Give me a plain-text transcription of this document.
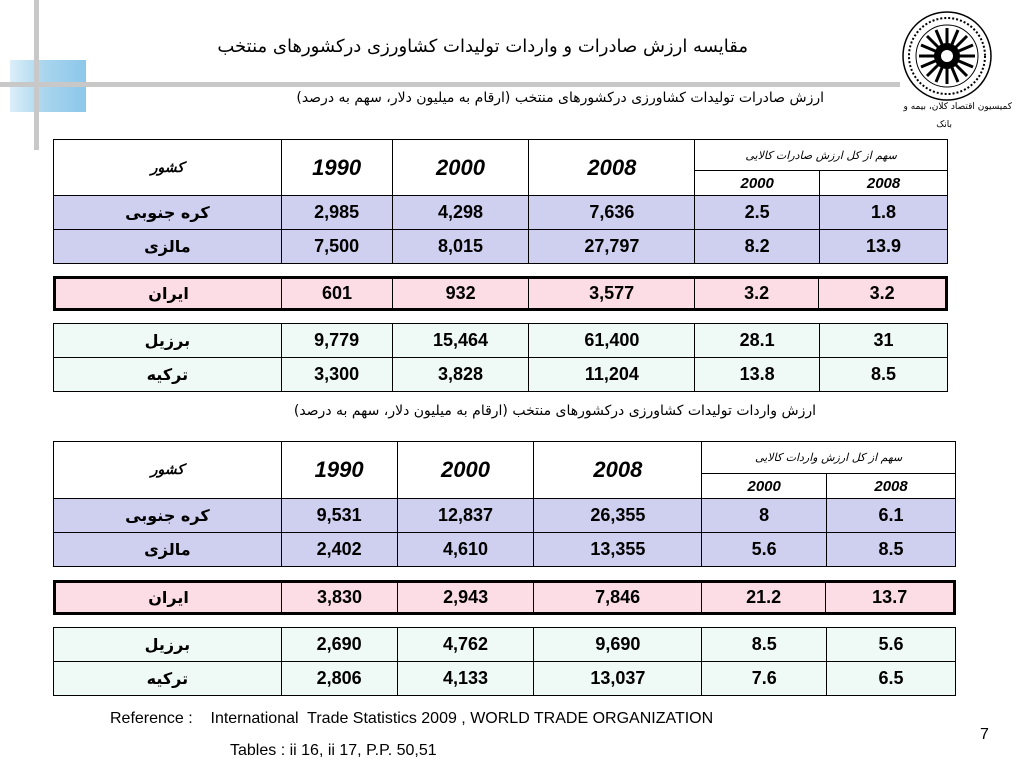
مقایسه ارزش صادرات و واردات تولیدات کشاورزی درکشورهای منتخب
کمیسیون اقتصاد کلان، بیمه و
بانک
ارزش صادرات تولیدات کشاورزی درکشورهای منتخب (ارقام به میلیون دلار، سهم به درصد)
کشور	1990	2000	2008	سهم از کل ارزش صادرات کالایی	
				2000	2008
کره جنوبی	2,985	4,298	7,636	2.5	1.8
مالزی	7,500	8,015	27,797	8.2	13.9
ایران	601	932	3,577	3.2	3.2
برزیل	9,779	15,464	61,400	28.1	31
ترکیه	3,300	3,828	11,204	13.8	8.5
ارزش واردات تولیدات کشاورزی درکشورهای منتخب (ارقام به میلیون دلار، سهم به درصد)
کشور	1990	2000	2008	سهم از کل ارزش واردات کالایی	
				2000	2008
کره جنوبی	9,531	12,837	26,355	8	6.1
مالزی	2,402	4,610	13,355	5.6	8.5
ایران	3,830	2,943	7,846	21.2	13.7
برزیل	2,690	4,762	9,690	8.5	5.6
ترکیه	2,806	4,133	13,037	7.6	6.5
Reference :    International  Trade Statistics 2009 , WORLD TRADE ORGANIZATION
Tables : ii 16, ii 17, P.P. 50,51
7
